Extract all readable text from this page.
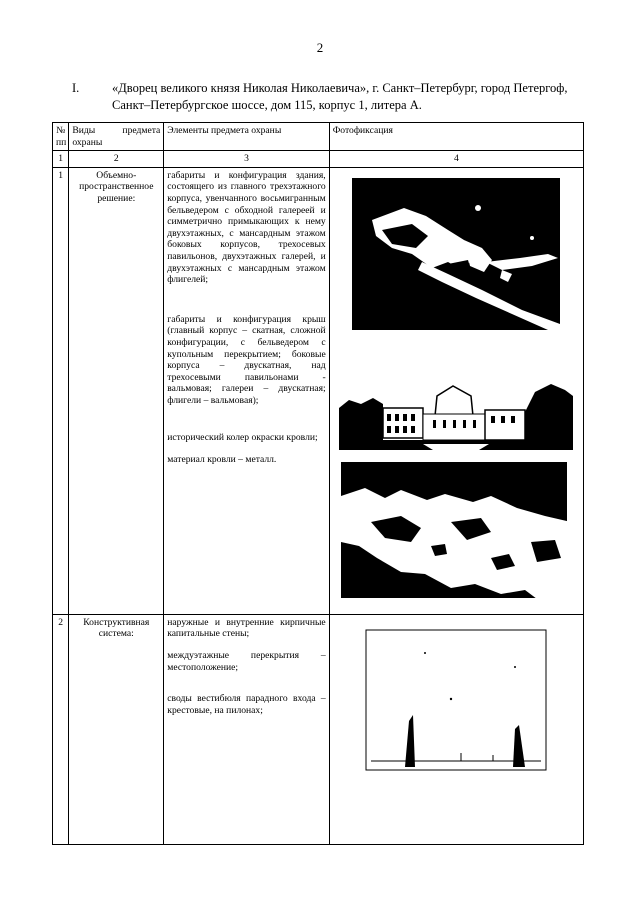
2
I.	«Дворец великого князя Николая Николаевича», г. Санкт–Петербург, город Петергоф, Санкт–Петербургское шоссе, дом 115, корпус 1, литера А.
№ пп	Виды предмета охраны	Элементы предмета охраны	Фотофиксация
1	2	3	4
1	Объемно-пространственное решение:	габариты и конфигурация здания, состоящего из главного трехэтажного корпуса, увенчанного восьмигранным бельведером с обходной галереей и симметрично примыкающих к нему двухэтажных, с мансардным этажом боковых корпусов, трехосевых павильонов, двухэтажных галерей, и двухэтажных с мансардным этажом флигелей;

габариты и конфигурация крыш (главный корпус – скатная, сложной конфигурации, с бельведером с купольным перекрытием; боковые корпуса – двускатная, над трехосевыми павильонами - вальмовая; галереи – двускатная; флигели – вальмовая);

исторический колер окраски кровли;

материал кровли – металл.

2	Конструктивная система:	наружные и внутренние кирпичные капитальные стены;

междуэтажные перекрытия – местоположение;

своды вестибюля парадного входа – крестовые, на пилонах;
